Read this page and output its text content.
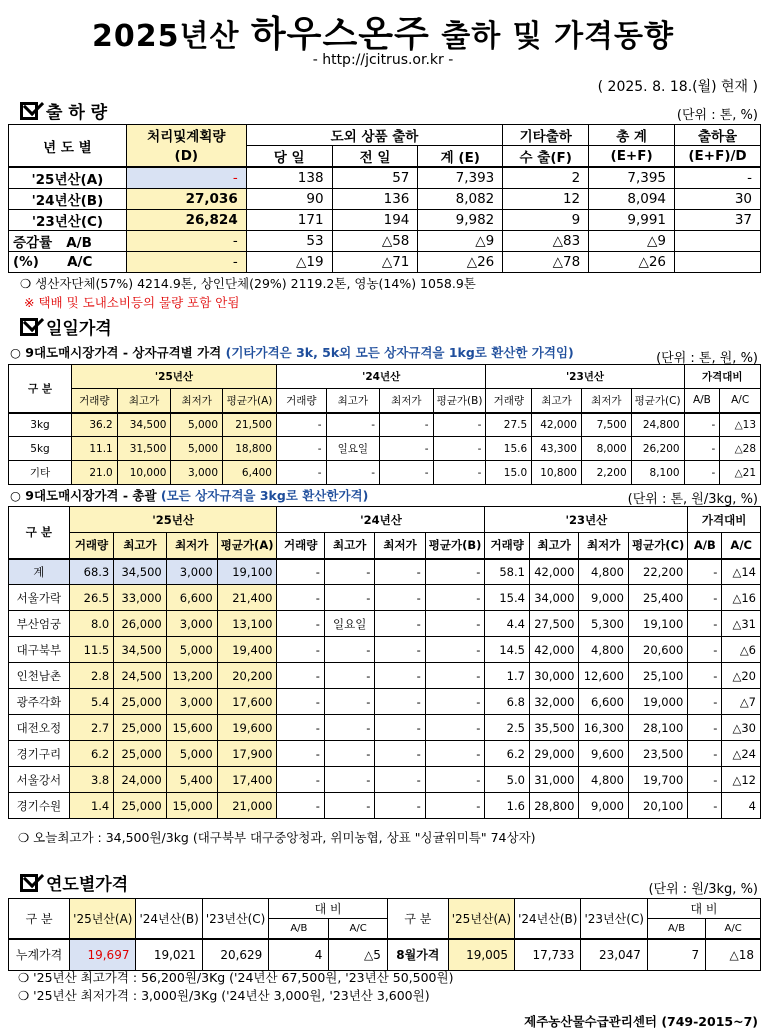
2025년산 하우스온주 출하 및 가격동향
- http://jcitrus.or.kr -
( 2025. 8. 18.(월) 현재 )
출 하 량	(단위 : 톤, %)
년 도 별	처리및계획량	도외 상품 출하			기타출하	총 계	출하율
	(D)	당 일	전 일	계 (E)	수 출(F)	(E+F)	(E+F)/D
'25년산(A)	-	138	57	7,393	2	7,395	-
'24년산(B)	27,036	90	136	8,082	12	8,094	30
'23년산(C)	26,824	171	194	9,982	9	9,991	37
증감률 A/B	-	53	△58	△9	△83	△9	
(%) A/C	-	△19	△71	△26	△78	△26	
❍ 생산자단체(57%) 4214.9톤, 상인단체(29%) 2119.2톤, 영농(14%) 1058.9톤
※ 택배 및 도내소비등의 물량 포함 안됨
일일가격
○ 9대도매시장가격 - 상자규격별 가격 (기타가격은 3k, 5k외 모든 상자규격을 1kg로 환산한 가격임)	(단위 : 톤, 원, %)
구 분	'25년산				'24년산				'23년산				가격대비	
	거래량	최고가	최저가	평균가(A)	거래량	최고가	최저가	평균가(B)	거래량	최고가	최저가	평균가(C)	A/B	A/C
3kg	36.2	34,500	5,000	21,500	-	-	-	-	27.5	42,000	7,500	24,800	-	△13
5kg	11.1	31,500	5,000	18,800	-	일요일	-	-	15.6	43,300	8,000	26,200	-	△28
기타	21.0	10,000	3,000	6,400	-	-	-	-	15.0	10,800	2,200	8,100	-	△21
○ 9대도매시장가격 - 총괄 (모든 상자규격을 3kg로 환산한가격)	(단위 : 톤, 원/3kg, %)
구 분	'25년산				'24년산				'23년산				가격대비	
	거래량	최고가	최저가	평균가(A)	거래량	최고가	최저가	평균가(B)	거래량	최고가	최저가	평균가(C)	A/B	A/C
계	68.3	34,500	3,000	19,100	-	-	-	-	58.1	42,000	4,800	22,200	-	△14
서울가락	26.5	33,000	6,600	21,400	-	-	-	-	15.4	34,000	9,000	25,400	-	△16
부산엄궁	8.0	26,000	3,000	13,100	-	일요일	-	-	4.4	27,500	5,300	19,100	-	△31
대구북부	11.5	34,500	5,000	19,400	-	-	-	-	14.5	42,000	4,800	20,600	-	△6
인천남촌	2.8	24,500	13,200	20,200	-	-	-	-	1.7	30,000	12,600	25,100	-	△20
광주각화	5.4	25,000	3,000	17,600	-	-	-	-	6.8	32,000	6,600	19,000	-	△7
대전오정	2.7	25,000	15,600	19,600	-	-	-	-	2.5	35,500	16,300	28,100	-	△30
경기구리	6.2	25,000	5,000	17,900	-	-	-	-	6.2	29,000	9,600	23,500	-	△24
서울강서	3.8	24,000	5,400	17,400	-	-	-	-	5.0	31,000	4,800	19,700	-	△12
경기수원	1.4	25,000	15,000	21,000	-	-	-	-	1.6	28,800	9,000	20,100	-	4
❍ 오늘최고가 : 34,500원/3kg (대구북부 대구중앙청과, 위미농협, 상표 "싱귤위미특" 74상자)
연도별가격	(단위 : 원/3kg, %)
구 분	'25년산(A)	'24년산(B)	'23년산(C)	대 비		구 분	'25년산(A)	'24년산(B)	'23년산(C)	대 비	
				A/B	A/C					A/B	A/C
누계가격	19,697	19,021	20,629	4	△5	8월가격	19,005	17,733	23,047	7	△18
❍ '25년산 최고가격 : 56,200원/3Kg ('24년산 67,500원, '23년산 50,500원)
❍ '25년산 최저가격 : 3,000원/3Kg ('24년산 3,000원, '23년산 3,600원)
제주농산물수급관리센터 (749-2015~7)
